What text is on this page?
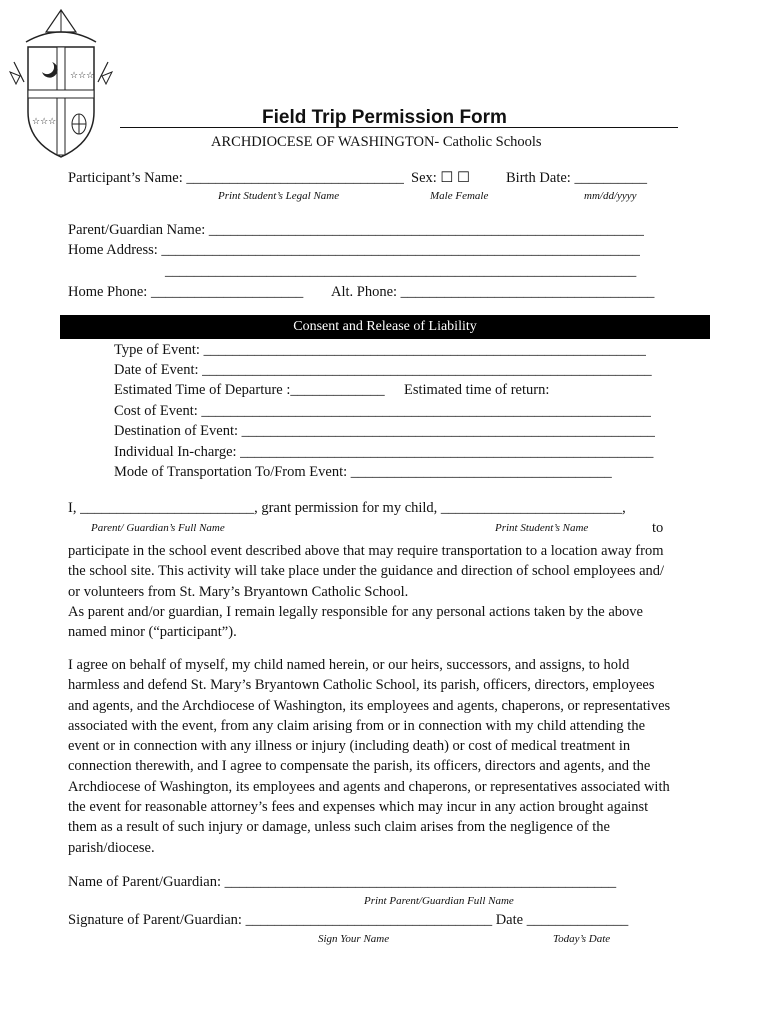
☆☆☆
☆☆☆	Field Trip Permission Form
ARCHDIOCESE OF WASHINGTON- Catholic Schools
Participant’s Name: ______________________________ Sex: ☐ ☐ Birth Date: __________
Print Student’s Legal Name	Male Female	mm/dd/yyyy
Parent/Guardian Name: ____________________________________________________________
Home Address: __________________________________________________________________
_________________________________________________________________
Home Phone: _____________________ Alt. Phone: ___________________________________
Consent and Release of Liability
Type of Event: _____________________________________________________________
Date of Event: ______________________________________________________________
Estimated Time of Departure :_____________ Estimated time of return:
Cost of Event: ______________________________________________________________
Destination of Event: _________________________________________________________
Individual In-charge: _________________________________________________________
Mode of Transportation To/From Event: ____________________________________
I, ________________________, grant permission for my child, _________________________,
Parent/ Guardian’s Full Name	Print Student’s Name	to
participate in the school event described above that may require transportation to a location away from
the school site. This activity will take place under the guidance and direction of school employees and/
or volunteers from St. Mary’s Bryantown Catholic School.
As parent and/or guardian, I remain legally responsible for any personal actions taken by the above
named minor (“participant”).
I agree on behalf of myself, my child named herein, or our heirs, successors, and assigns, to hold
harmless and defend St. Mary’s Bryantown Catholic School, its parish, officers, directors, employees
and agents, and the Archdiocese of Washington, its employees and agents, chaperons, or representatives
associated with the event, from any claim arising from or in connection with my child attending the
event or in connection with any illness or injury (including death) or cost of medical treatment in
connection therewith, and I agree to compensate the parish, its officers, directors and agents, and the
Archdiocese of Washington, its employees and agents and chaperons, or representatives associated with
the event for reasonable attorney’s fees and expenses which may incur in any action brought against
them as a result of such injury or damage, unless such claim arises from the negligence of the
parish/diocese.
Name of Parent/Guardian: ______________________________________________________
Print Parent/Guardian Full Name
Signature of Parent/Guardian: __________________________________ Date ______________
Sign Your Name	Today’s Date
